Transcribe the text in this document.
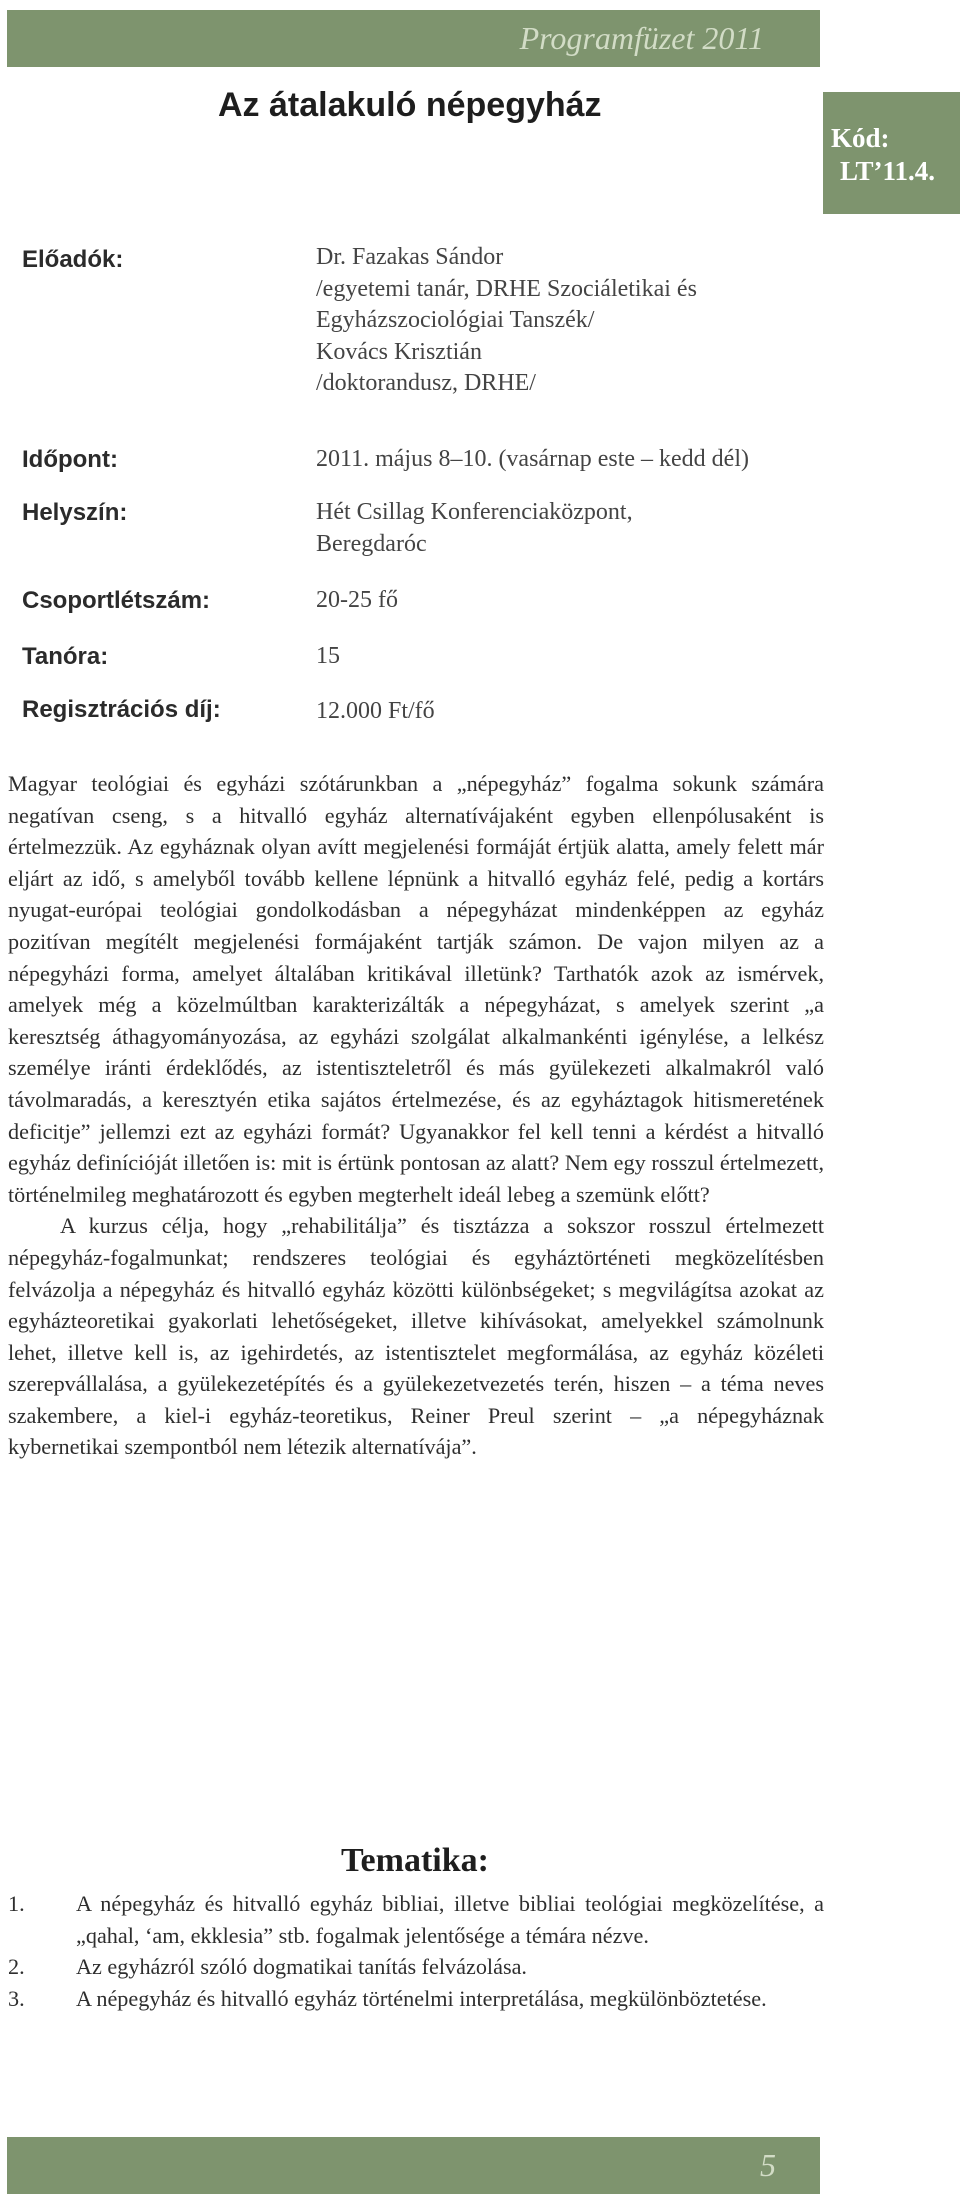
Programfüzet 2011
Az átalakuló népegyház
Kód:
LT’11.4.
Előadók:	Dr. Fazakas Sándor
/egyetemi tanár, DRHE Szociáletikai és
Egyházszociológiai Tanszék/
Kovács Krisztián
/doktorandusz, DRHE/
Időpont:	2011. május 8–10. (vasárnap este – kedd dél)
Helyszín:	Hét Csillag Konferenciaközpont,
Beregdaróc
Csoportlétszám:	20-25 fő
Tanóra:	15
Regisztrációs díj:	12.000 Ft/fő

Magyar teológiai és egyházi szótárunkban a „népegyház” fogalma sokunk számára negatívan cseng, s a hitvalló egyház alternatívájaként egyben ellenpólusaként is értelmezzük. Az egyháznak olyan avítt megjelenési formáját értjük alatta, amely felett már eljárt az idő, s amelyből tovább kellene lépnünk a hitvalló egyház felé, pedig a kortárs nyugat-európai teológiai gondolkodásban a népegyházat mindenképpen az egyház pozitívan megítélt megjelenési formájaként tartják számon. De vajon milyen az a népegyházi forma, amelyet általában kritikával illetünk? Tarthatók azok az ismérvek, amelyek még a közelmúltban karakterizálták a népegyházat, s amelyek szerint „a keresztség áthagyományozása, az egyházi szolgálat alkalmankénti igénylése, a lelkész személye iránti érdeklődés, az istentiszteletről és más gyülekezeti alkalmakról való távolmaradás, a keresztyén etika sajátos értelmezése, és az egyháztagok hitismeretének deficitje” jellemzi ezt az egyházi formát? Ugyanakkor fel kell tenni a kérdést a hitvalló egyház definícióját illetően is: mit is értünk pontosan az alatt? Nem egy rosszul értelmezett, történelmileg meghatározott és egyben megterhelt ideál lebeg a szemünk előtt?

A kurzus célja, hogy „rehabilitálja” és tisztázza a sokszor rosszul értelmezett népegyház-fogalmunkat; rendszeres teológiai és egyháztörténeti megközelítésben felvázolja a népegyház és hitvalló egyház közötti különbségeket; s megvilágítsa azokat az egyházteoretikai gyakorlati lehetőségeket, illetve kihívásokat, amelyekkel számolnunk lehet, illetve kell is, az igehirdetés, az istentisztelet megformálása, az egyház közéleti szerepvállalása, a gyülekezetépítés és a gyülekezetvezetés terén, hiszen – a téma neves szakembere, a kiel-i egyház-teoretikus, Reiner Preul szerint – „a népegyháznak kybernetikai szempontból nem létezik alternatívája”.

Tematika:
1. A népegyház és hitvalló egyház bibliai, illetve bibliai teológiai megközelítése, a „qahal, ‘am, ekklesia” stb. fogalmak jelentősége a témára nézve.
2. Az egyházról szóló dogmatikai tanítás felvázolása.
3. A népegyház és hitvalló egyház történelmi interpretálása, megkülönböztetése.
5
